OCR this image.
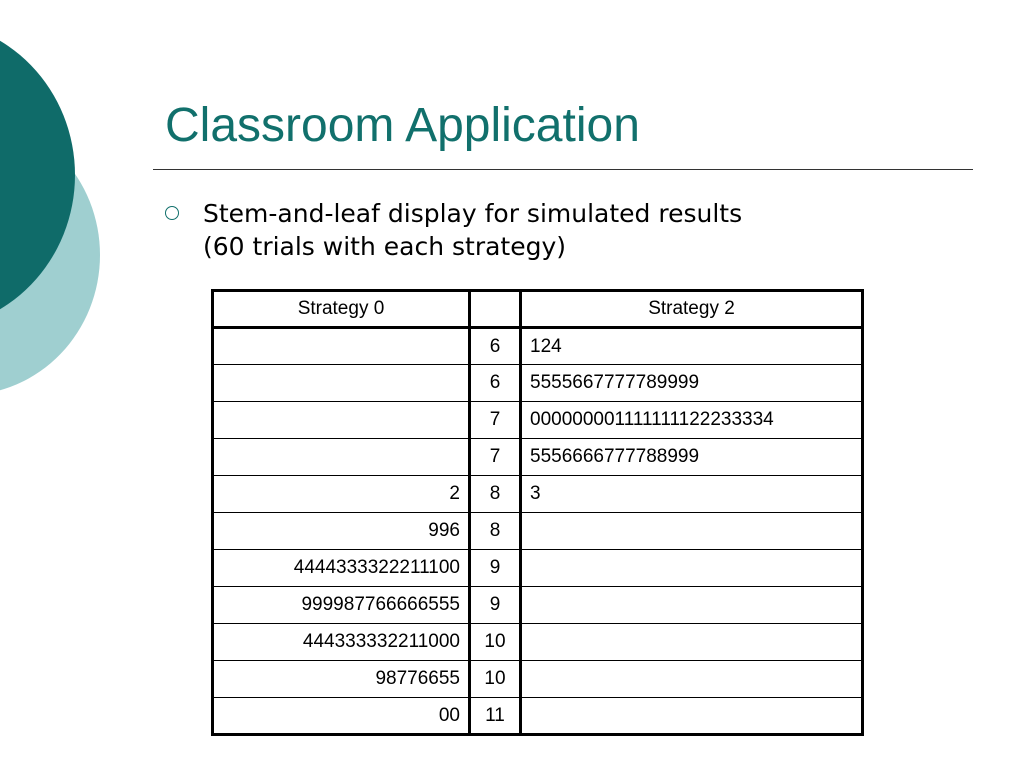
Classroom Application
Stem-and-leaf display for simulated results
(60 trials with each strategy)
Strategy 0		Strategy 2
	6	124
	6	5555667777789999
	7	000000001111111122233334
	7	5556666777788999
2	8	3
996	8	
4444333322211100	9	
999987766666555	9	
444333332211000	10	
98776655	10	
00	11	
